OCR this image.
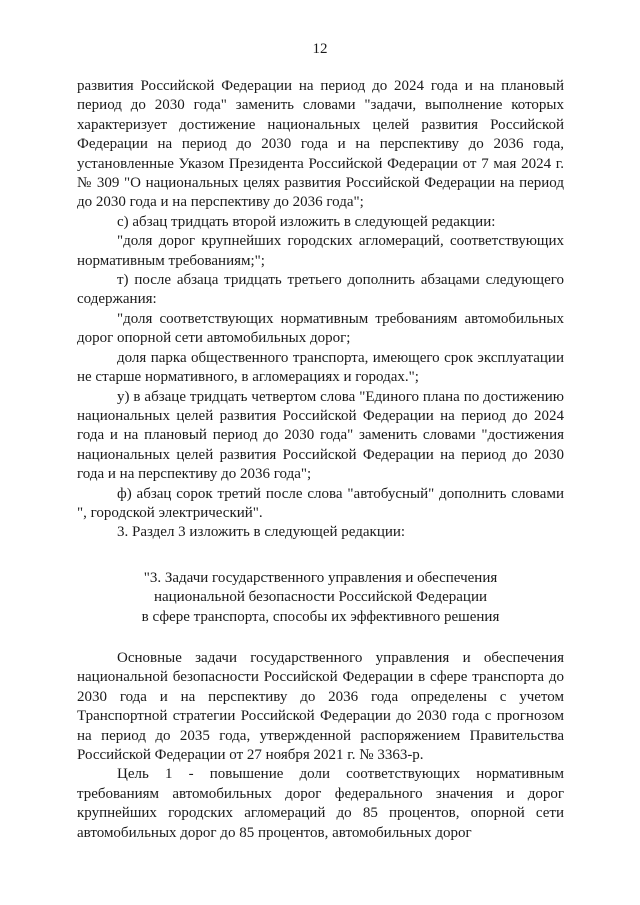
12

развития Российской Федерации на период до 2024 года и на плановый период до 2030 года" заменить словами "задачи, выполнение которых характеризует достижение национальных целей развития Российской Федерации на период до 2030 года и на перспективу до 2036 года, установленные Указом Президента Российской Федерации от 7 мая 2024 г. № 309 "О национальных целях развития Российской Федерации на период до 2030 года и на перспективу до 2036 года";

с) абзац тридцать второй изложить в следующей редакции:

"доля дорог крупнейших городских агломераций, соответствующих нормативным требованиям;";

т) после абзаца тридцать третьего дополнить абзацами следующего содержания:

"доля соответствующих нормативным требованиям автомобильных дорог опорной сети автомобильных дорог;

доля парка общественного транспорта, имеющего срок эксплуатации не старше нормативного, в агломерациях и городах.";

у) в абзаце тридцать четвертом слова "Единого плана по достижению национальных целей развития Российской Федерации на период до 2024 года и на плановый период до 2030 года" заменить словами "достижения национальных целей развития Российской Федерации на период до 2030 года и на перспективу до 2036 года";

ф) абзац сорок третий после слова "автобусный" дополнить словами ", городской электрический".

3. Раздел 3 изложить в следующей редакции:

"3. Задачи государственного управления и обеспечения
национальной безопасности Российской Федерации
в сфере транспорта, способы их эффективного решения

Основные задачи государственного управления и обеспечения национальной безопасности Российской Федерации в сфере транспорта до 2030 года и на перспективу до 2036 года определены с учетом Транспортной стратегии Российской Федерации до 2030 года с прогнозом на период до 2035 года, утвержденной распоряжением Правительства Российской Федерации от 27 ноября 2021 г. № 3363-р.

Цель 1 - повышение доли соответствующих нормативным требованиям автомобильных дорог федерального значения и дорог крупнейших городских агломераций до 85 процентов, опорной сети автомобильных дорог до 85 процентов, автомобильных дорог
